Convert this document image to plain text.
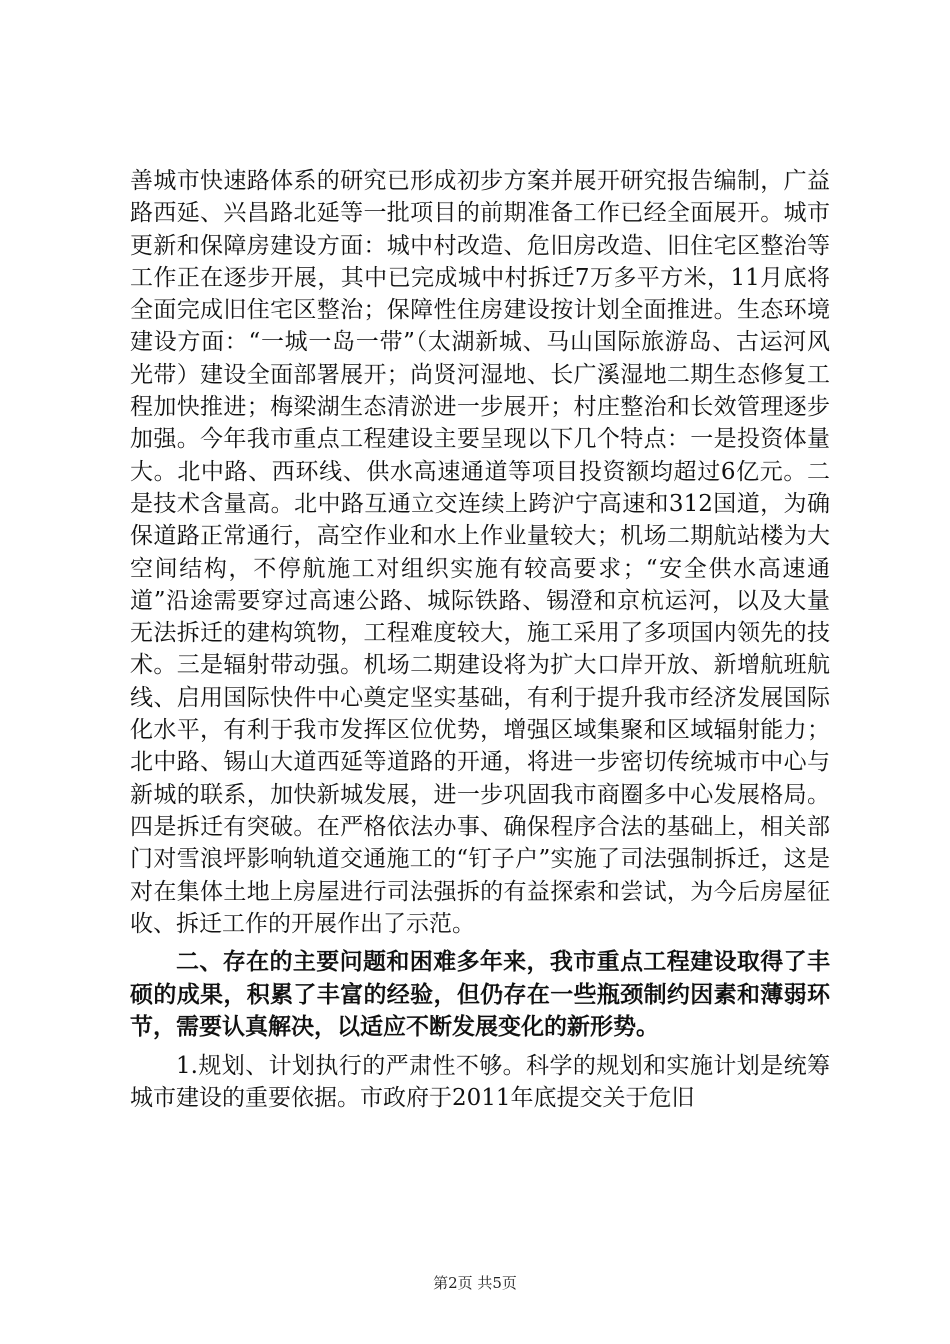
善城市快速路体系的研究已形成初步方案并展开研究报告编制，广益路西延、兴昌路北延等一批项目的前期准备工作已经全面展开。城市更新和保障房建设方面：城中村改造、危旧房改造、旧住宅区整治等工作正在逐步开展，其中已完成城中村拆迁7万多平方米，11月底将全面完成旧住宅区整治；保障性住房建设按计划全面推进。生态环境建设方面：“一城一岛一带”（太湖新城、马山国际旅游岛、古运河风光带）建设全面部署展开；尚贤河湿地、长广溪湿地二期生态修复工程加快推进；梅梁湖生态清淤进一步展开；村庄整治和长效管理逐步加强。今年我市重点工程建设主要呈现以下几个特点：一是投资体量大。北中路、西环线、供水高速通道等项目投资额均超过6亿元。二是技术含量高。北中路互通立交连续上跨沪宁高速和312国道，为确保道路正常通行，高空作业和水上作业量较大；机场二期航站楼为大空间结构，不停航施工对组织实施有较高要求；“安全供水高速通道”沿途需要穿过高速公路、城际铁路、锡澄和京杭运河，以及大量无法拆迁的建构筑物，工程难度较大，施工采用了多项国内领先的技术。三是辐射带动强。机场二期建设将为扩大口岸开放、新增航班航线、启用国际快件中心奠定坚实基础，有利于提升我市经济发展国际化水平，有利于我市发挥区位优势，增强区域集聚和区域辐射能力；北中路、锡山大道西延等道路的开通，将进一步密切传统城市中心与新城的联系，加快新城发展，进一步巩固我市商圈多中心发展格局。四是拆迁有突破。在严格依法办事、确保程序合法的基础上，相关部门对雪浪坪影响轨道交通施工的“钉子户”实施了司法强制拆迁，这是对在集体土地上房屋进行司法强拆的有益探索和尝试，为今后房屋征收、拆迁工作的开展作出了示范。

二、存在的主要问题和困难多年来，我市重点工程建设取得了丰硕的成果，积累了丰富的经验，但仍存在一些瓶颈制约因素和薄弱环节，需要认真解决，以适应不断发展变化的新形势。

1.规划、计划执行的严肃性不够。科学的规划和实施计划是统筹城市建设的重要依据。市政府于2011年底提交关于危旧

第2页 共5页
